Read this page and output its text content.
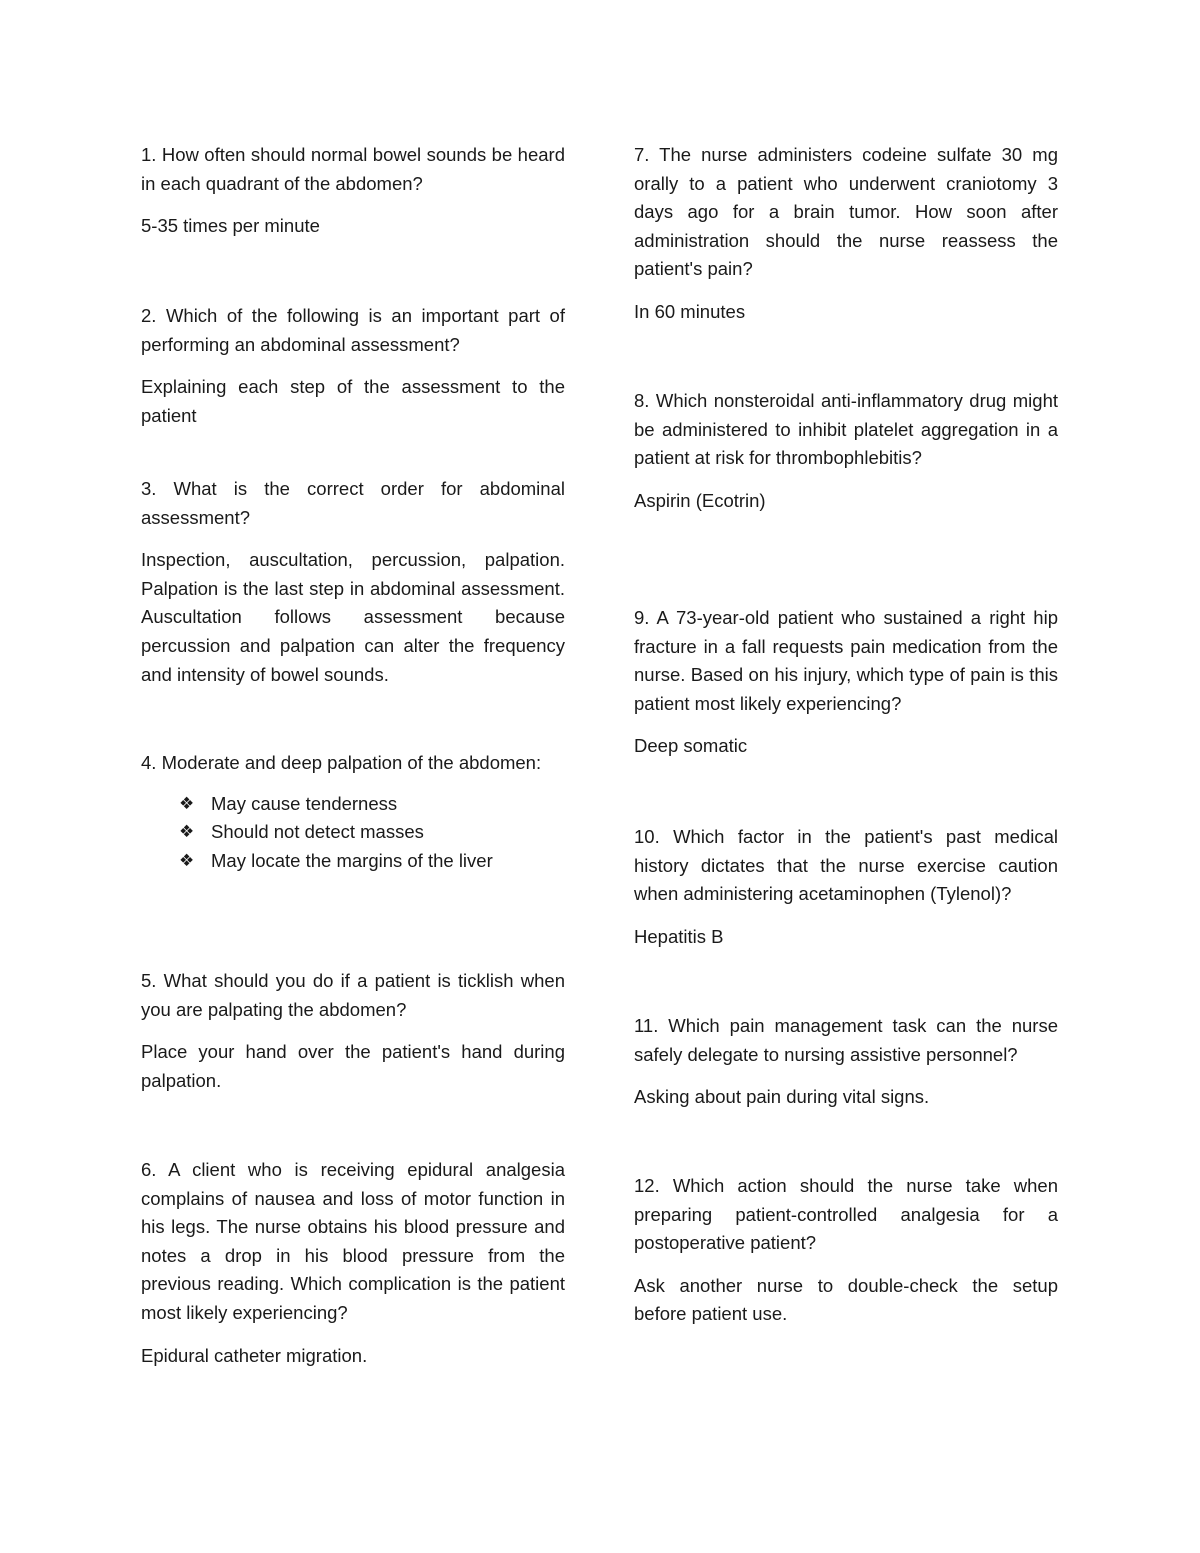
1. How often should normal bowel sounds be heard in each quadrant of the abdomen?

5-35 times per minute

2. Which of the following is an important part of performing an abdominal assessment?

Explaining each step of the assessment to the patient

3. What is the correct order for abdominal assessment?

Inspection, auscultation, percussion, palpation. Palpation is the last step in abdominal assessment. Auscultation follows assessment because percussion and palpation can alter the frequency and intensity of bowel sounds.

4. Moderate and deep palpation of the abdomen:

❖ May cause tenderness
❖ Should not detect masses
❖ May locate the margins of the liver

5. What should you do if a patient is ticklish when you are palpating the abdomen?

Place your hand over the patient's hand during palpation.

6. A client who is receiving epidural analgesia complains of nausea and loss of motor function in his legs. The nurse obtains his blood pressure and notes a drop in his blood pressure from the previous reading. Which complication is the patient most likely experiencing?

Epidural catheter migration.

7. The nurse administers codeine sulfate 30 mg orally to a patient who underwent craniotomy 3 days ago for a brain tumor. How soon after administration should the nurse reassess the patient's pain?

In 60 minutes

8. Which nonsteroidal anti-inflammatory drug might be administered to inhibit platelet aggregation in a patient at risk for thrombophlebitis?

Aspirin (Ecotrin)

9. A 73-year-old patient who sustained a right hip fracture in a fall requests pain medication from the nurse. Based on his injury, which type of pain is this patient most likely experiencing?

Deep somatic

10. Which factor in the patient's past medical history dictates that the nurse exercise caution when administering acetaminophen (Tylenol)?

Hepatitis B

11. Which pain management task can the nurse safely delegate to nursing assistive personnel?

Asking about pain during vital signs.

12. Which action should the nurse take when preparing patient-controlled analgesia for a postoperative patient?

Ask another nurse to double-check the setup before patient use.
